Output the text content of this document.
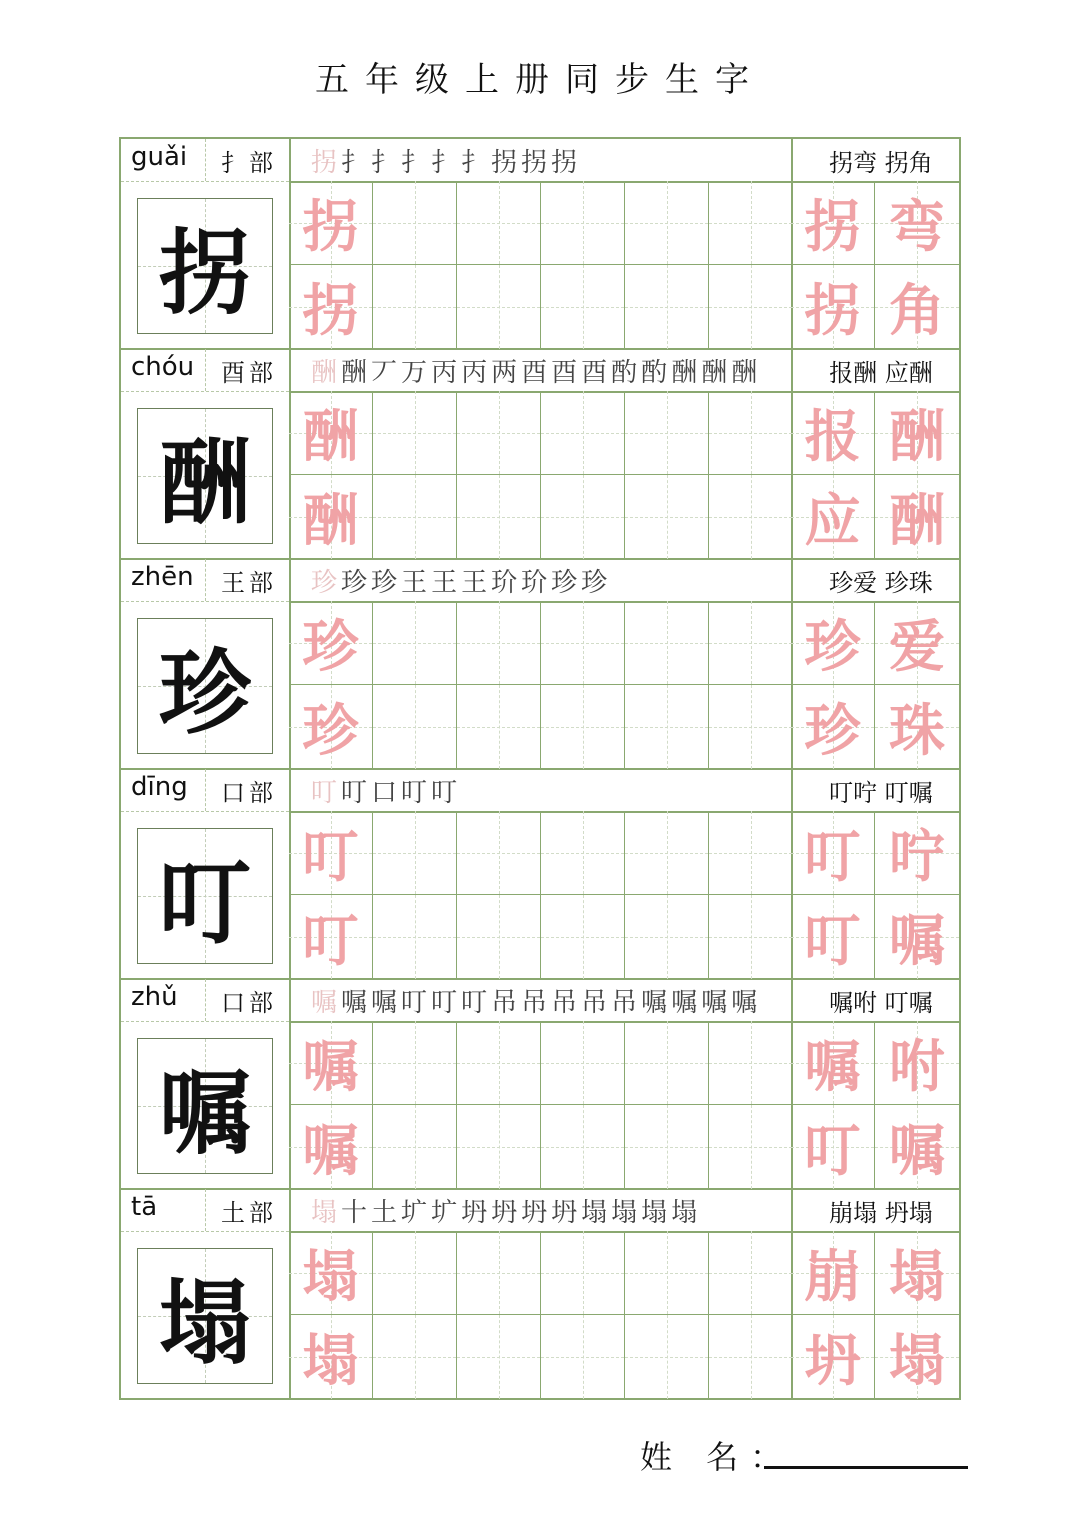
五年级上册同步生字
guǎi 扌部 拐 扌 扌 扌 扌 扌 拐 拐 拐	拐弯 拐角
拐 拐	拐 弯
拐	拐 角
chóu 酉部 酬 酬 丆 万 丙 丙 两 酉 酉 酉 酌 酌 酬 酬 酬	报酬 应酬
酬 酬	报 酬
酬	应 酬
zhēn 王部 珍 珍 珍 王 王 王 玠 玠 珍 珍	珍爱 珍珠
珍 珍	珍 爱
珍	珍 珠
dīng 口部 叮 叮 口 叮 叮	叮咛 叮嘱
叮 叮	叮 咛
叮	叮 嘱
zhǔ 口部 嘱 嘱 嘱 叮 叮 叮 吊 吊 吊 吊 吊 嘱 嘱 嘱 嘱	嘱咐 叮嘱
嘱 嘱	嘱 咐
嘱	叮 嘱
tā	土部 塌 十 土 圹 圹 坍 坍 坍 坍 塌 塌 塌 塌	崩塌 坍塌
塌 塌	崩 塌
塌	坍 塌
姓 名：
